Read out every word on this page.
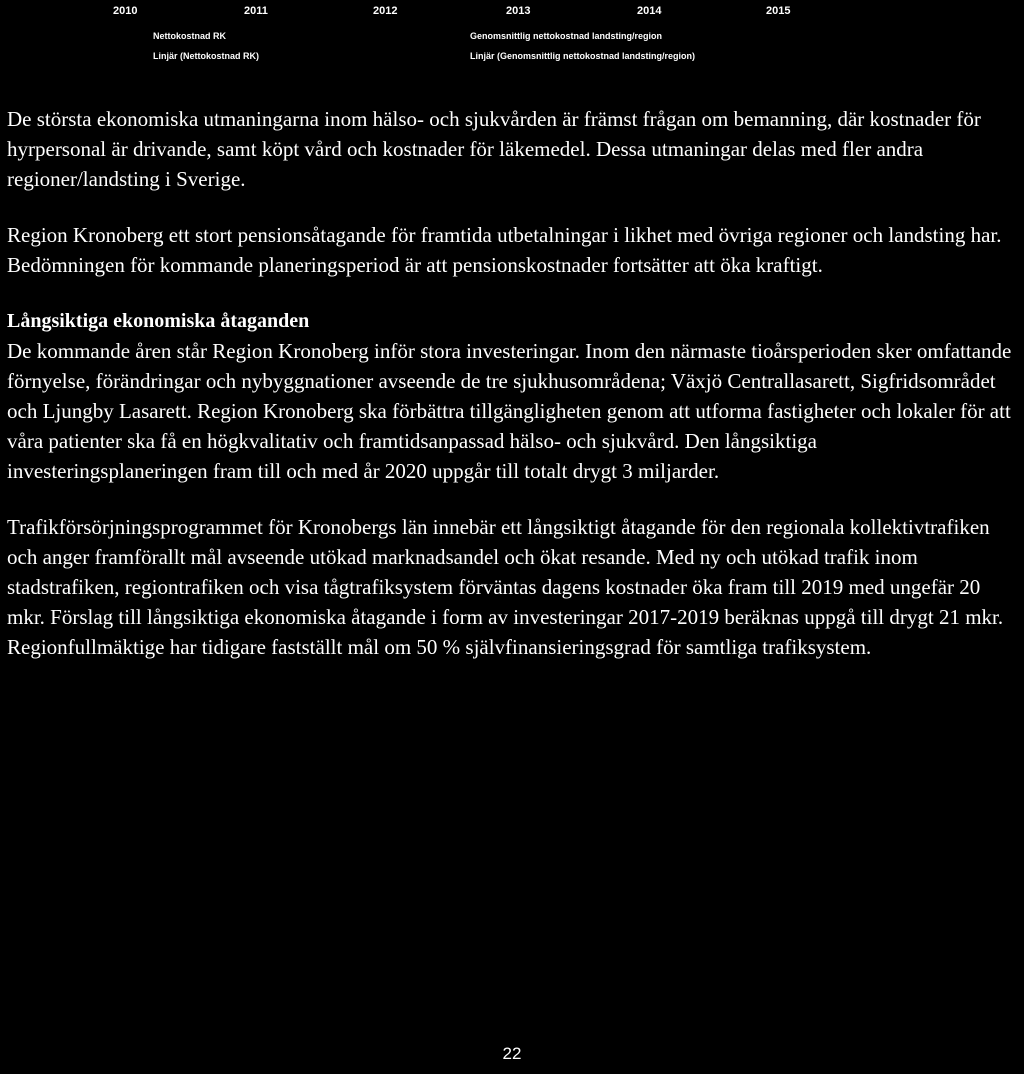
2010	2011	2012	2013	2014	2015
Nettokostnad RK
Linjär (Nettokostnad RK)
Genomsnittlig nettokostnad landsting/region
Linjär (Genomsnittlig nettokostnad landsting/region)

De största ekonomiska utmaningarna inom hälso- och sjukvården är främst frågan om bemanning, där kostnader för hyrpersonal är drivande, samt köpt vård och kostnader för läkemedel. Dessa utmaningar delas med fler andra regioner/landsting i Sverige.

Region Kronoberg ett stort pensionsåtagande för framtida utbetalningar i likhet med övriga regioner och landsting har. Bedömningen för kommande planeringsperiod är att pensionskostnader fortsätter att öka kraftigt.

Långsiktiga ekonomiska åtaganden

De kommande åren står Region Kronoberg inför stora investeringar. Inom den närmaste tioårsperioden sker omfattande förnyelse, förändringar och nybyggnationer avseende de tre sjukhusområdena; Växjö Centrallasarett, Sigfridsområdet och Ljungby Lasarett. Region Kronoberg ska förbättra tillgängligheten genom att utforma fastigheter och lokaler för att våra patienter ska få en högkvalitativ och framtidsanpassad hälso- och sjukvård. Den långsiktiga investeringsplaneringen fram till och med år 2020 uppgår till totalt drygt 3 miljarder.

Trafikförsörjningsprogrammet för Kronobergs län innebär ett långsiktigt åtagande för den regionala kollektivtrafiken och anger framförallt mål avseende utökad marknadsandel och ökat resande. Med ny och utökad trafik inom stadstrafiken, regiontrafiken och visa tågtrafiksystem förväntas dagens kostnader öka fram till 2019 med ungefär 20 mkr. Förslag till långsiktiga ekonomiska åtagande i form av investeringar 2017-2019 beräknas uppgå till drygt 21 mkr. Regionfullmäktige har tidigare fastställt mål om 50 % självfinansieringsgrad för samtliga trafiksystem.

22
